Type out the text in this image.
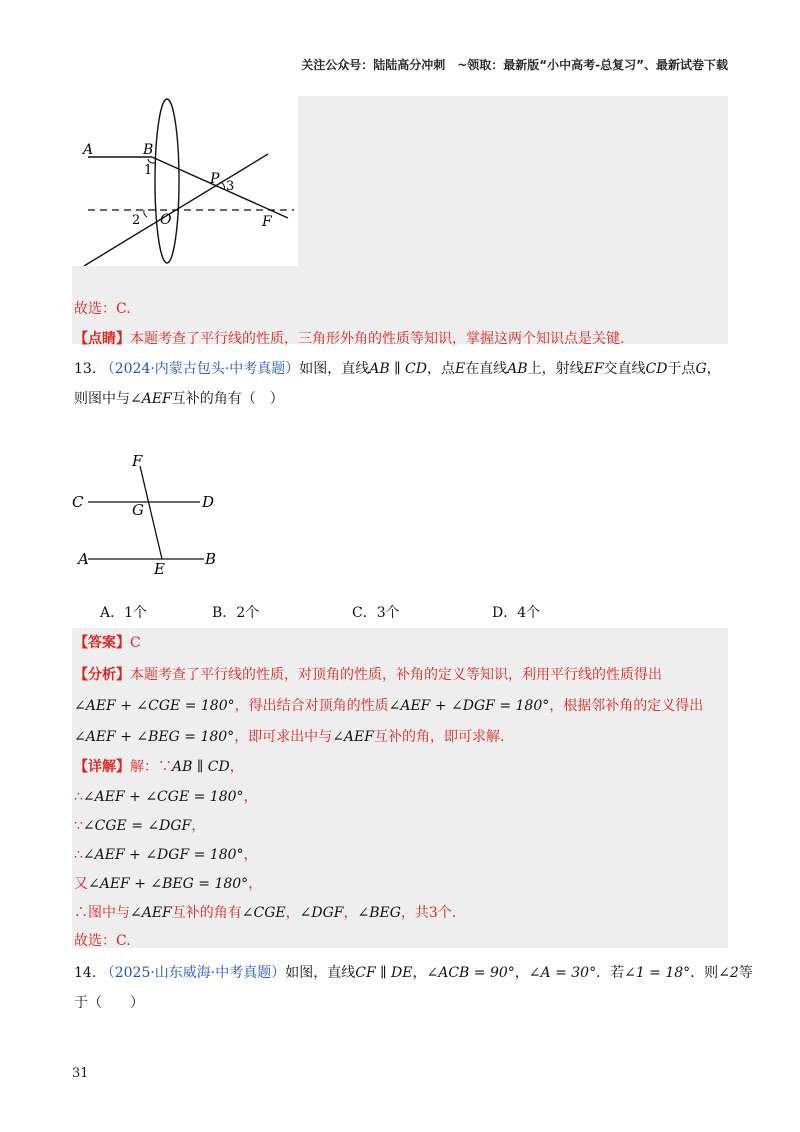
关注公众号：陆陆高分冲刺　~领取：最新版“小中高考-总复习”、最新试卷下载
A	B
1
P 3
2 O	F
故选：C.
【点睛】本题考查了平行线的性质，三角形外角的性质等知识，掌握这两个知识点是关键.
13. （2024·内蒙古包头·中考真题）如图，直线AB ∥ CD，点E在直线AB上，射线EF交直线CD于点G，
则图中与∠AEF互补的角有（　）
F
C	G	D
A
E
B
A．1个	B．2个	C．3个	D．4个
【答案】C
【分析】本题考查了平行线的性质，对顶角的性质，补角的定义等知识，利用平行线的性质得出
∠AEF + ∠CGE = 180°，得出结合对顶角的性质∠AEF + ∠DGF = 180°，根据邻补角的定义得出
∠AEF + ∠BEG = 180°，即可求出中与∠AEF互补的角，即可求解.
【详解】解：∵AB ∥ CD，
∴∠AEF + ∠CGE = 180°，
∵∠CGE = ∠DGF，
∴∠AEF + ∠DGF = 180°，
又∠AEF + ∠BEG = 180°，
∴图中与∠AEF互补的角有∠CGE，∠DGF，∠BEG，共3个.
故选：C.
14. （2025·山东威海·中考真题）如图，直线CF ∥ DE，∠ACB = 90°，∠A = 30°．若∠1 = 18°．则∠2等
于（　　）
31
